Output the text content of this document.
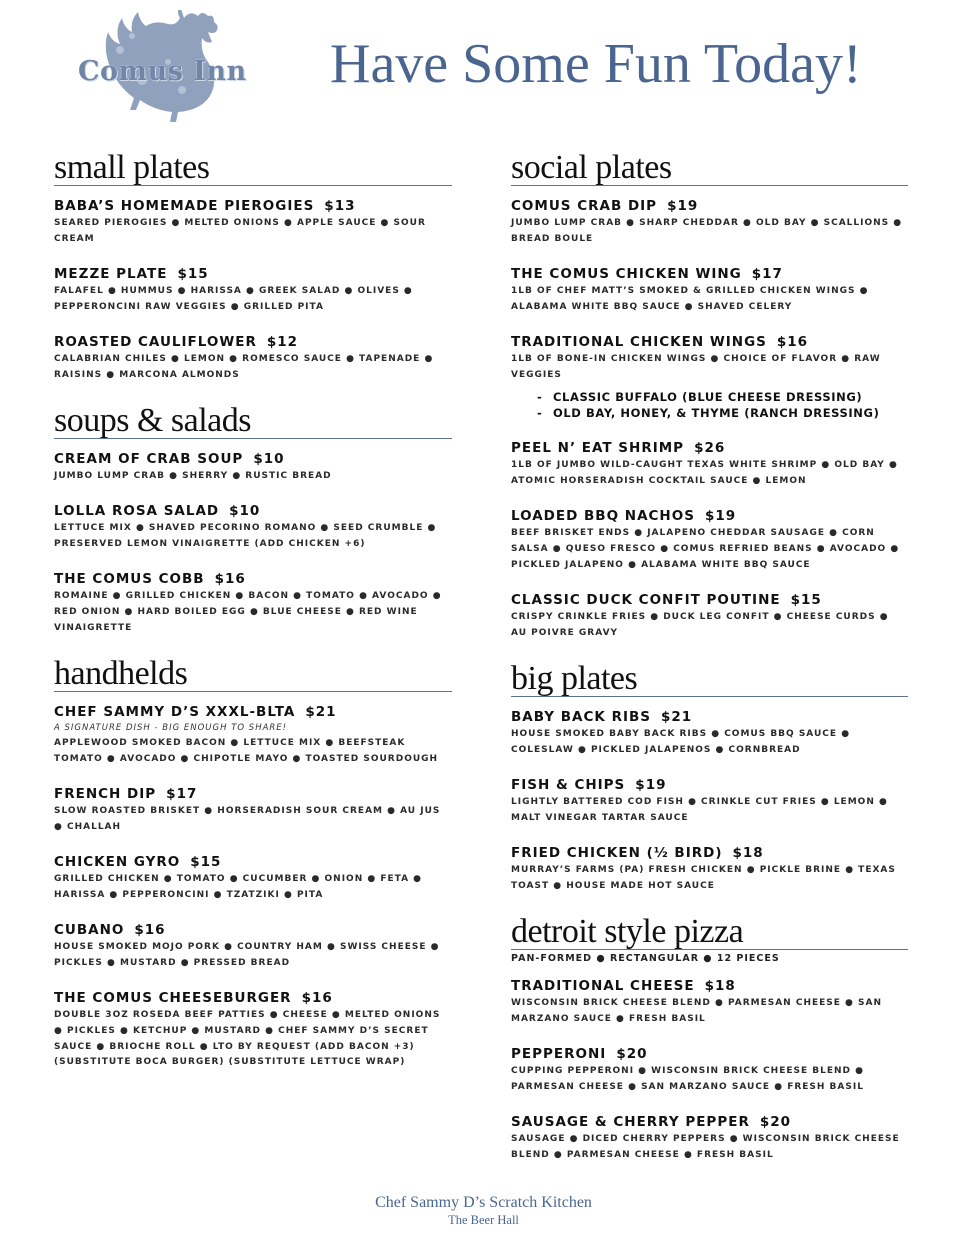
Comus Inn Have Some Fun Today!
small plates
BABA’S HOMEMADE PIEROGIES $13
SEARED PIEROGIES ● MELTED ONIONS ● APPLE SAUCE ● SOUR CREAM
MEZZE PLATE $15
FALAFEL ● HUMMUS ● HARISSA ● GREEK SALAD ● OLIVES ● PEPPERONCINI RAW VEGGIES ● GRILLED PITA
ROASTED CAULIFLOWER $12
CALABRIAN CHILES ● LEMON ● ROMESCO SAUCE ● TAPENADE ● RAISINS ● MARCONA ALMONDS
soups & salads
CREAM OF CRAB SOUP $10
JUMBO LUMP CRAB ● SHERRY ● RUSTIC BREAD
LOLLA ROSA SALAD $10
LETTUCE MIX ● SHAVED PECORINO ROMANO ● SEED CRUMBLE ● PRESERVED LEMON VINAIGRETTE (ADD CHICKEN +6)
THE COMUS COBB $16
ROMAINE ● GRILLED CHICKEN ● BACON ● TOMATO ● AVOCADO ● RED ONION ● HARD BOILED EGG ● BLUE CHEESE ● RED WINE VINAIGRETTE
handhelds
CHEF SAMMY D’S XXXL-BLTA $21
A SIGNATURE DISH - BIG ENOUGH TO SHARE!
APPLEWOOD SMOKED BACON ● LETTUCE MIX ● BEEFSTEAK TOMATO ● AVOCADO ● CHIPOTLE MAYO ● TOASTED SOURDOUGH
FRENCH DIP $17
SLOW ROASTED BRISKET ● HORSERADISH SOUR CREAM ● AU JUS ● CHALLAH
CHICKEN GYRO $15
GRILLED CHICKEN ● TOMATO ● CUCUMBER ● ONION ● FETA ● HARISSA ● PEPPERONCINI ● TZATZIKI ● PITA
CUBANO $16
HOUSE SMOKED MOJO PORK ● COUNTRY HAM ● SWISS CHEESE ● PICKLES ● MUSTARD ● PRESSED BREAD
THE COMUS CHEESEBURGER $16
DOUBLE 3OZ ROSEDA BEEF PATTIES ● CHEESE ● MELTED ONIONS ● PICKLES ● KETCHUP ● MUSTARD ● CHEF SAMMY D’S SECRET SAUCE ● BRIOCHE ROLL ● LTO BY REQUEST (ADD BACON +3)
(SUBSTITUTE BOCA BURGER) (SUBSTITUTE LETTUCE WRAP)
social plates
COMUS CRAB DIP $19
JUMBO LUMP CRAB ● SHARP CHEDDAR ● OLD BAY ● SCALLIONS ● BREAD BOULE
THE COMUS CHICKEN WING $17
1LB OF CHEF MATT’S SMOKED & GRILLED CHICKEN WINGS ● ALABAMA WHITE BBQ SAUCE ● SHAVED CELERY
TRADITIONAL CHICKEN WINGS $16
1LB OF BONE-IN CHICKEN WINGS ● CHOICE OF FLAVOR ● RAW VEGGIES
- CLASSIC BUFFALO (BLUE CHEESE DRESSING)
- OLD BAY, HONEY, & THYME (RANCH DRESSING)
PEEL N’ EAT SHRIMP $26
1LB OF JUMBO WILD-CAUGHT TEXAS WHITE SHRIMP ● OLD BAY ● ATOMIC HORSERADISH COCKTAIL SAUCE ● LEMON
LOADED BBQ NACHOS $19
BEEF BRISKET ENDS ● JALAPENO CHEDDAR SAUSAGE ● CORN SALSA ● QUESO FRESCO ● COMUS REFRIED BEANS ● AVOCADO ● PICKLED JALAPENO ● ALABAMA WHITE BBQ SAUCE
CLASSIC DUCK CONFIT POUTINE $15
CRISPY CRINKLE FRIES ● DUCK LEG CONFIT ● CHEESE CURDS ● AU POIVRE GRAVY
big plates
BABY BACK RIBS $21
HOUSE SMOKED BABY BACK RIBS ● COMUS BBQ SAUCE ● COLESLAW ● PICKLED JALAPENOS ● CORNBREAD
FISH & CHIPS $19
LIGHTLY BATTERED COD FISH ● CRINKLE CUT FRIES ● LEMON ● MALT VINEGAR TARTAR SAUCE
FRIED CHICKEN (½ BIRD) $18
MURRAY’S FARMS (PA) FRESH CHICKEN ● PICKLE BRINE ● TEXAS TOAST ● HOUSE MADE HOT SAUCE
detroit style pizza
PAN-FORMED ● RECTANGULAR ● 12 PIECES
TRADITIONAL CHEESE $18
WISCONSIN BRICK CHEESE BLEND ● PARMESAN CHEESE ● SAN MARZANO SAUCE ● FRESH BASIL
PEPPERONI $20
CUPPING PEPPERONI ● WISCONSIN BRICK CHEESE BLEND ● PARMESAN CHEESE ● SAN MARZANO SAUCE ● FRESH BASIL
SAUSAGE & CHERRY PEPPER $20
SAUSAGE ● DICED CHERRY PEPPERS ● WISCONSIN BRICK CHEESE BLEND ● PARMESAN CHEESE ● FRESH BASIL
Chef Sammy D’s Scratch Kitchen
The Beer Hall
